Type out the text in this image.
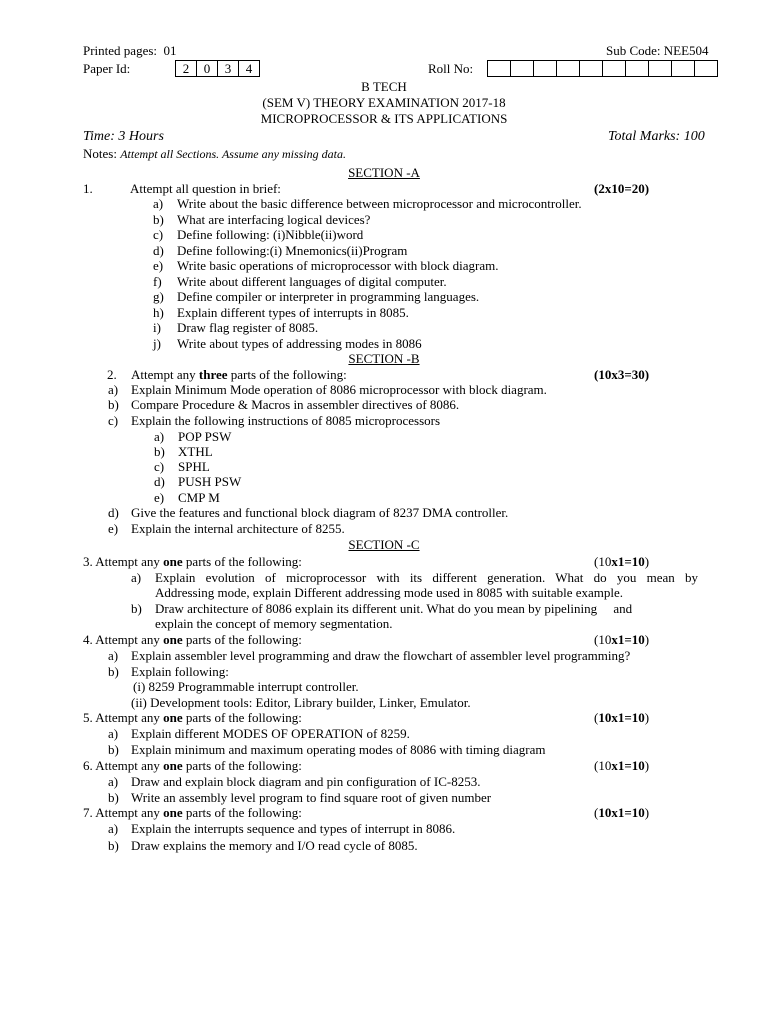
Printed pages: 01	Sub Code: NEE504
Paper Id:	2	0	3	4	Roll No:
B TECH
(SEM V) THEORY EXAMINATION 2017-18
MICROPROCESSOR & ITS APPLICATIONS
Time: 3 Hours	Total Marks: 100
Notes: Attempt all Sections. Assume any missing data.
SECTION -A
1.	Attempt all question in brief:	(2x10=20)
a) Write about the basic difference between microprocessor and microcontroller.
b) What are interfacing logical devices?
c) Define following: (i)Nibble(ii)word
d) Define following:(i) Mnemonics(ii)Program
e) Write basic operations of microprocessor with block diagram.
f) Write about different languages of digital computer.
g) Define compiler or interpreter in programming languages.
h) Explain different types of interrupts in 8085.
i) Draw flag register of 8085.
j) Write about types of addressing modes in 8086
SECTION -B
2. Attempt any three parts of the following:	(10x3=30)
a) Explain Minimum Mode operation of 8086 microprocessor with block diagram.
b) Compare Procedure & Macros in assembler directives of 8086.
c) Explain the following instructions of 8085 microprocessors
a) POP PSW
b) XTHL
c) SPHL
d) PUSH PSW
e) CMP M
d) Give the features and functional block diagram of 8237 DMA controller.
e) Explain the internal architecture of 8255.
SECTION -C
3. Attempt any one parts of the following:	(10x1=10)
a) Explain evolution of microprocessor with its different generation. What do you mean by
Addressing mode, explain Different addressing mode used in 8085 with suitable example.
b) Draw architecture of 8086 explain its different unit. What do you mean by pipelining     and
explain the concept of memory segmentation.
4. Attempt any one parts of the following:	(10x1=10)
a) Explain assembler level programming and draw the flowchart of assembler level programming?
b) Explain following:
(i) 8259 Programmable interrupt controller.
(ii) Development tools: Editor, Library builder, Linker, Emulator.
5. Attempt any one parts of the following:	(10x1=10)
a) Explain different MODES OF OPERATION of 8259.
b) Explain minimum and maximum operating modes of 8086 with timing diagram
6. Attempt any one parts of the following:	(10x1=10)
a) Draw and explain block diagram and pin configuration of IC-8253.
b) Write an assembly level program to find square root of given number
7. Attempt any one parts of the following:	(10x1=10)
a) Explain the interrupts sequence and types of interrupt in 8086.
b) Draw explains the memory and I/O read cycle of 8085.
